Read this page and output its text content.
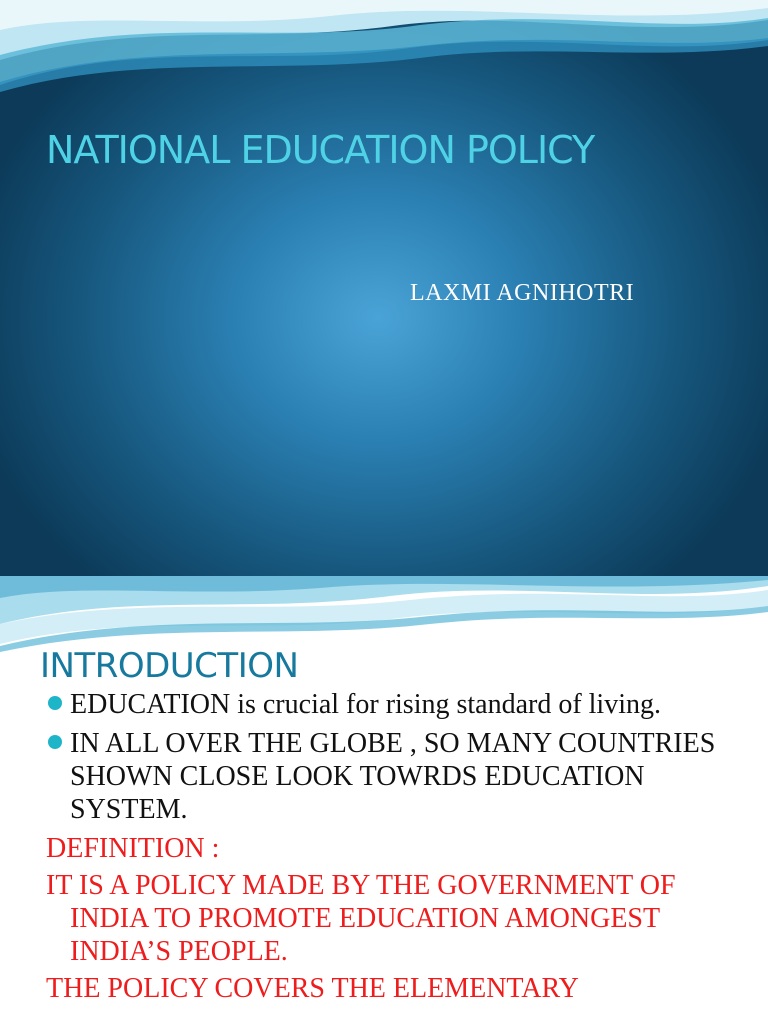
NATIONAL EDUCATION POLICY
LAXMI AGNIHOTRI
INTRODUCTION
EDUCATION is crucial for rising standard of living.
IN ALL OVER THE GLOBE , SO MANY COUNTRIES SHOWN CLOSE LOOK TOWRDS EDUCATION SYSTEM.
DEFINITION :
IT IS A POLICY MADE BY THE GOVERNMENT OF INDIA TO PROMOTE EDUCATION AMONGEST INDIA’S PEOPLE.
THE POLICY COVERS THE ELEMENTARY
